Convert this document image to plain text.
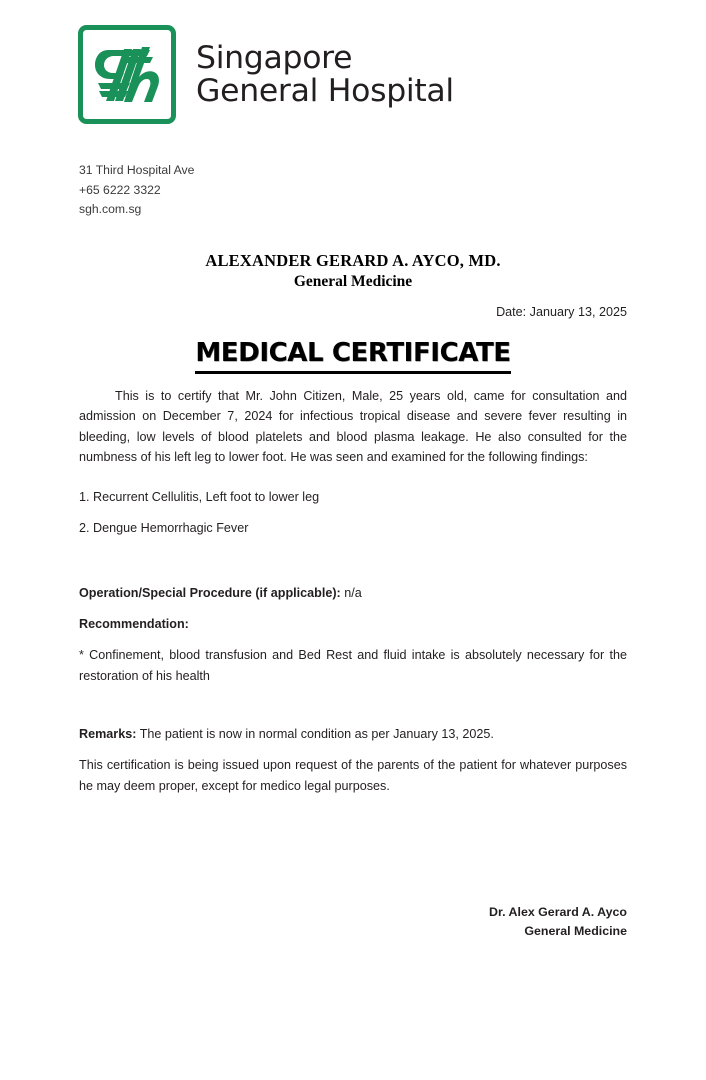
Singapore
General Hospital
31 Third Hospital Ave
+65 6222 3322
sgh.com.sg
ALEXANDER GERARD A. AYCO, MD.
General Medicine
Date: January 13, 2025
MEDICAL CERTIFICATE

This is to certify that Mr. John Citizen, Male, 25 years old, came for consultation and admission on December 7, 2024 for infectious tropical disease and severe fever resulting in bleeding, low levels of blood platelets and blood plasma leakage. He also consulted for the numbness of his left leg to lower foot. He was seen and examined for the following findings:

1. Recurrent Cellulitis, Left foot to lower leg

2. Dengue Hemorrhagic Fever

Operation/Special Procedure (if applicable): n/a

Recommendation:

* Confinement, blood transfusion and Bed Rest and fluid intake is absolutely necessary for the restoration of his health

Remarks: The patient is now in normal condition as per January 13, 2025.

This certification is being issued upon request of the parents of the patient for whatever purposes he may deem proper, except for medico legal purposes.

Dr. Alex Gerard A. Ayco
General Medicine
